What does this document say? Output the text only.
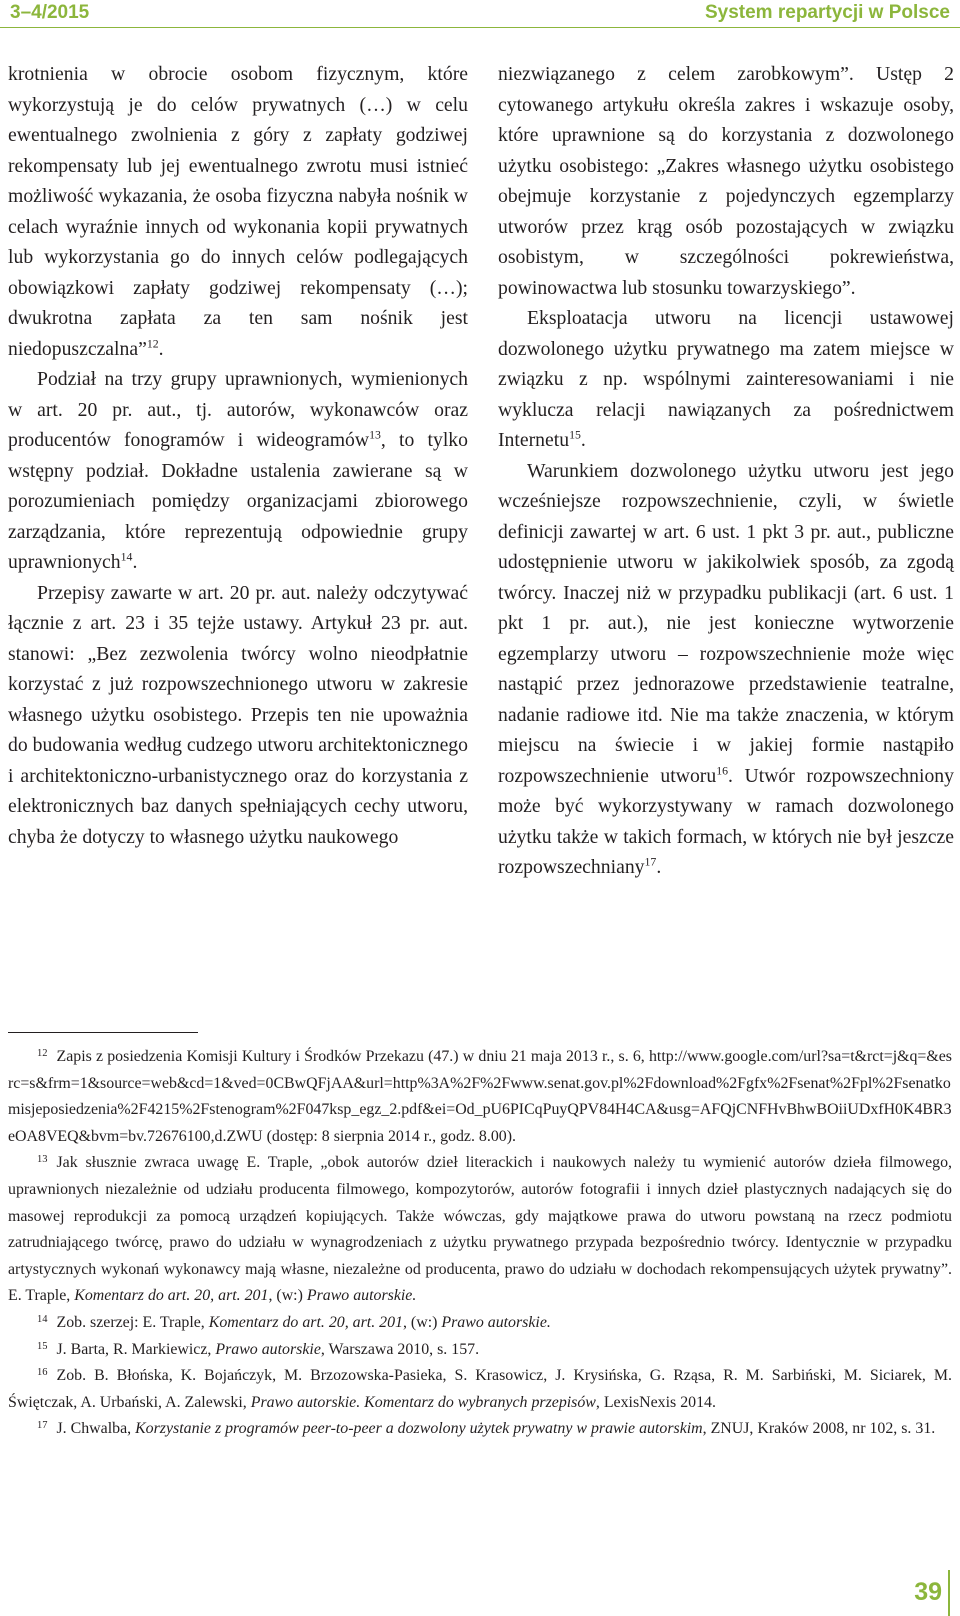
3–4/2015	System repartycji w Polsce

krotnienia w obrocie osobom fizycznym, które wykorzystują je do celów prywatnych (…) w celu ewentualnego zwolnienia z góry z zapłaty godziwej rekompensaty lub jej ewentualnego zwrotu musi istnieć możliwość wykazania, że osoba fizyczna nabyła nośnik w celach wyraźnie innych od wykonania kopii prywatnych lub wykorzystania go do innych celów podlegających obowiązkowi zapłaty godziwej rekompensaty (…); dwukrotna zapłata za ten sam nośnik jest niedopuszczalna”$^{12}$.

Podział na trzy grupy uprawnionych, wymienionych w art. 20 pr. aut., tj. autorów, wykonawców oraz producentów fonogramów i wideogramów$^{13}$, to tylko wstępny podział. Dokładne ustalenia zawierane są w porozumieniach pomiędzy organizacjami zbiorowego zarządzania, które reprezentują odpowiednie grupy uprawnionych$^{14}$.

Przepisy zawarte w art. 20 pr. aut. należy odczytywać łącznie z art. 23 i 35 tejże ustawy. Artykuł 23 pr. aut. stanowi: „Bez zezwolenia twórcy wolno nieodpłatnie korzystać z już rozpowszechnionego utworu w zakresie własnego użytku osobistego. Przepis ten nie upoważnia do budowania według cudzego utworu architektonicznego i architektoniczno-urbanistycznego oraz do korzystania z elektronicznych baz danych spełniających cechy utworu, chyba że dotyczy to własnego użytku naukowego

niezwiązanego z celem zarobkowym”. Ustęp 2 cytowanego artykułu określa zakres i wskazuje osoby, które uprawnione są do korzystania z dozwolonego użytku osobistego: „Zakres własnego użytku osobistego obejmuje korzystanie z pojedynczych egzemplarzy utworów przez krąg osób pozostających w związku osobistym, w szczególności pokrewieństwa, powinowactwa lub stosunku towarzyskiego”.

Eksploatacja utworu na licencji ustawowej dozwolonego użytku prywatnego ma zatem miejsce w związku z np. wspólnymi zainteresowaniami i nie wyklucza relacji nawiązanych za pośrednictwem Internetu$^{15}$.

Warunkiem dozwolonego użytku utworu jest jego wcześniejsze rozpowszechnienie, czyli, w świetle definicji zawartej w art. 6 ust. 1 pkt 3 pr. aut., publiczne udostępnienie utworu w jakikolwiek sposób, za zgodą twórcy. Inaczej niż w przypadku publikacji (art. 6 ust. 1 pkt 1 pr. aut.), nie jest konieczne wytworzenie egzemplarzy utworu – rozpowszechnienie może więc nastąpić przez jednorazowe przedstawienie teatralne, nadanie radiowe itd. Nie ma także znaczenia, w którym miejscu na świecie i w jakiej formie nastąpiło rozpowszechnienie utworu$^{16}$. Utwór rozpowszechniony może być wykorzystywany w ramach dozwolonego użytku także w takich formach, w których nie był jeszcze rozpowszechniany$^{17}$.

$^{12}$ Zapis z posiedzenia Komisji Kultury i Środków Przekazu (47.) w dniu 21 maja 2013 r., s. 6, http://www.google.com/url?sa=t&rct=j&q=&esrc=s&frm=1&source=web&cd=1&ved=0CBwQFjAA&url=http%3A%2F%2Fwww.senat.gov.pl%2Fdownload%2Fgfx%2Fsenat%2Fpl%2Fsenatkomisjeposiedzenia%2F4215%2Fstenogram%2F047ksp_egz_2.pdf&ei=Od_pU6PICqPuyQPV84H4CA&usg=AFQjCNFHvBhwBOiiUDxfH0K4BR3eOA8VEQ&bvm=bv.72676100,d.ZWU (dostęp: 8 sierpnia 2014 r., godz. 8.00).

$^{13}$ Jak słusznie zwraca uwagę E. Traple, „obok autorów dzieł literackich i naukowych należy tu wymienić autorów dzieła filmowego, uprawnionych niezależnie od udziału producenta filmowego, kompozytorów, autorów fotografii i innych dzieł plastycznych nadających się do masowej reprodukcji za pomocą urządzeń kopiujących. Także wówczas, gdy majątkowe prawa do utworu powstaną na rzecz podmiotu zatrudniającego twórcę, prawo do udziału w wynagrodzeniach z użytku prywatnego przypada bezpośrednio twórcy. Identycznie w przypadku artystycznych wykonań wykonawcy mają własne, niezależne od producenta, prawo do udziału w dochodach rekompensujących użytek prywatny”. E. Traple, Komentarz do art. 20, art. 201, (w:) Prawo autorskie.

$^{14}$ Zob. szerzej: E. Traple, Komentarz do art. 20, art. 201, (w:) Prawo autorskie.

$^{15}$ J. Barta, R. Markiewicz, Prawo autorskie, Warszawa 2010, s. 157.

$^{16}$ Zob. B. Błońska, K. Bojańczyk, M. Brzozowska-Pasieka, S. Krasowicz, J. Krysińska, G. Rząsa, R. M. Sarbiński, M. Siciarek, M. Świętczak, A. Urbański, A. Zalewski, Prawo autorskie. Komentarz do wybranych przepisów, LexisNexis 2014.

$^{17}$ J. Chwalba, Korzystanie z programów peer-to-peer a dozwolony użytek prywatny w prawie autorskim, ZNUJ, Kraków 2008, nr 102, s. 31.

39
